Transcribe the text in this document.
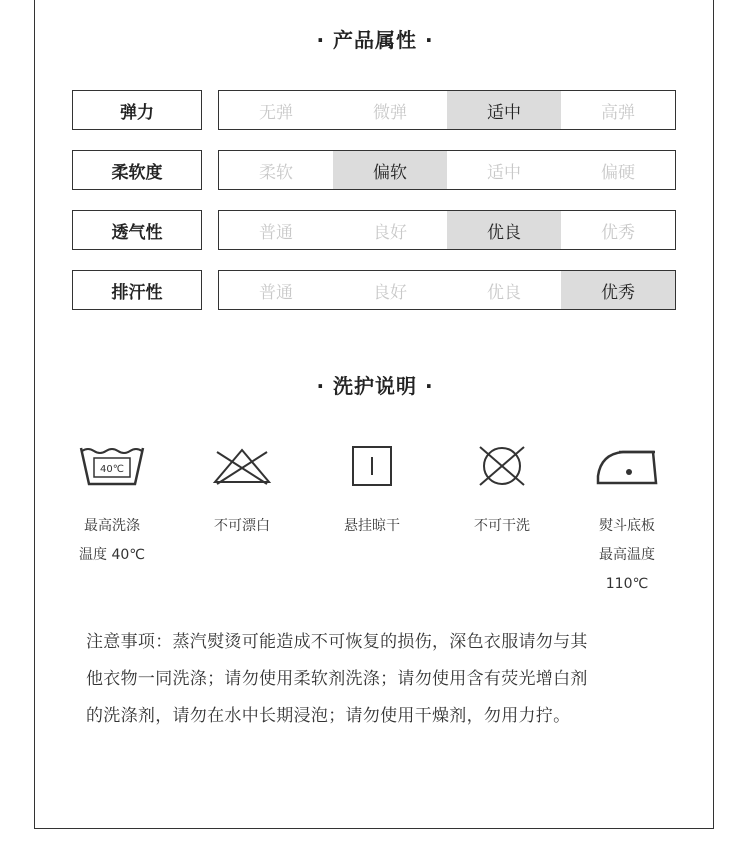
· 产品属性 ·
弹力	无弹	微弹	适中	高弹
柔软度	柔软	偏软	适中	偏硬
透气性	普通	良好	优良	优秀
排汗性	普通	良好	优良	优秀
· 洗护说明 ·
40℃
最高洗涤
温度 40℃
不可漂白	悬挂晾干	不可干洗	熨斗底板
最高温度
110℃
注意事项：蒸汽熨烫可能造成不可恢复的损伤，深色衣服请勿与其
他衣物一同洗涤；请勿使用柔软剂洗涤；请勿使用含有荧光增白剂
的洗涤剂，请勿在水中长期浸泡；请勿使用干燥剂，勿用力拧。
